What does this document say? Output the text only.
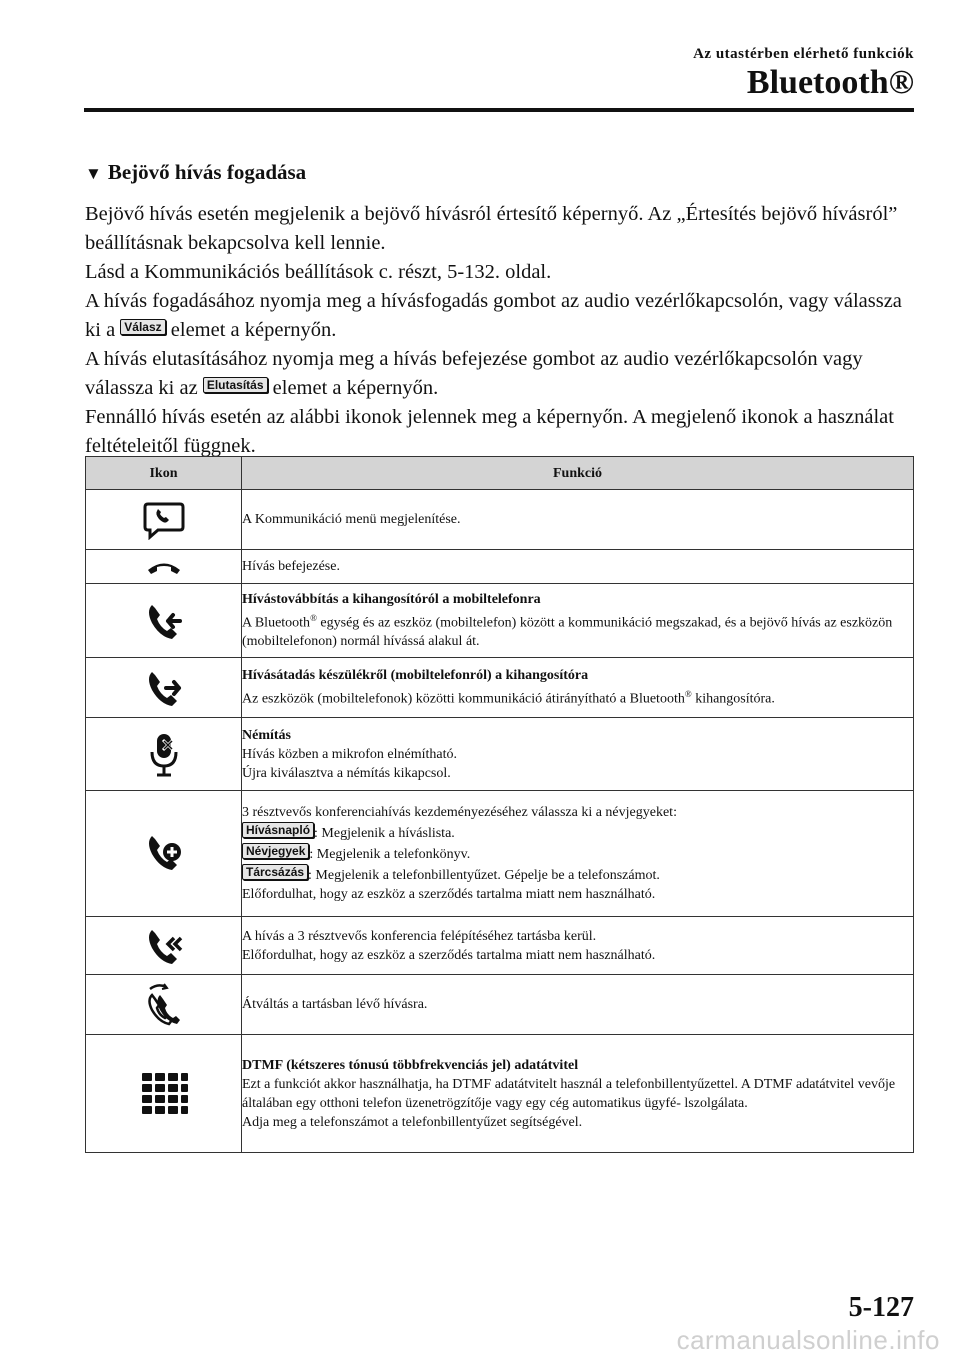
Az utastérben elérhető funkciók
Bluetooth®
▼ Bejövő hívás fogadása

Bejövő hívás esetén megjelenik a bejövő hívásról értesítő képernyő. Az „Értesítés bejövő hívásról” beállításnak bekapcsolva kell lennie.

Lásd a Kommunikációs beállítások c. részt, 5-132. oldal.

A hívás fogadásához nyomja meg a hívásfogadás gombot az audio vezérlőkapcsolón, vagy válassza ki a Válasz elemet a képernyőn.

A hívás elutasításához nyomja meg a hívás befejezése gombot az audio vezérlőkapcsolón vagy válassza ki az Elutasítás elemet a képernyőn.

Fennálló hívás esetén az alábbi ikonok jelennek meg a képernyőn. A megjelenő ikonok a használat feltételeitől függnek.

Ikon	Funkció

	A Kommunikáció menü megjelenítése.

	Hívás befejezése.

Hívástovábbítás a kihangosítóról a mobiltelefonra
A Bluetooth® egység és az eszköz (mobiltelefon) között a kommunikáció megszakad, és a bejövő hívás az eszközön (mobiltelefonon) normál hívássá alakul át.

Hívásátadás készülékről (mobiltelefonról) a kihangosítóra
Az eszközök (mobiltelefonok) közötti kommunikáció átirányítható a Bluetooth® kihangosítóra.

Némítás
Hívás közben a mikrofon elnémítható.
Újra kiválasztva a némítás kikapcsol.

3 résztvevős konferenciahívás kezdeményezéséhez válassza ki a névjegyeket:
Hívásnapló : Megjelenik a híváslista.
Névjegyek : Megjelenik a telefonkönyv.
Tárcsázás : Megjelenik a telefonbillentyűzet. Gépelje be a telefonszámot.
Előfordulhat, hogy az eszköz a szerződés tartalma miatt nem használható.

A hívás a 3 résztvevős konferencia felépítéséhez tartásba kerül.
Előfordulhat, hogy az eszköz a szerződés tartalma miatt nem használható.

	Átváltás a tartásban lévő hívásra.

DTMF (kétszeres tónusú többfrekvenciás jel) adatátvitel
Ezt a funkciót akkor használhatja, ha DTMF adatátvitelt használ a telefonbillentyűzettel. A DTMF adatátvitel vevője általában egy otthoni telefon üzenetrögzítője vagy egy cég automatikus ügyfé- lszolgálata.
Adja meg a telefonszámot a telefonbillentyűzet segítségével.
5-127
carmanualsonline.info
